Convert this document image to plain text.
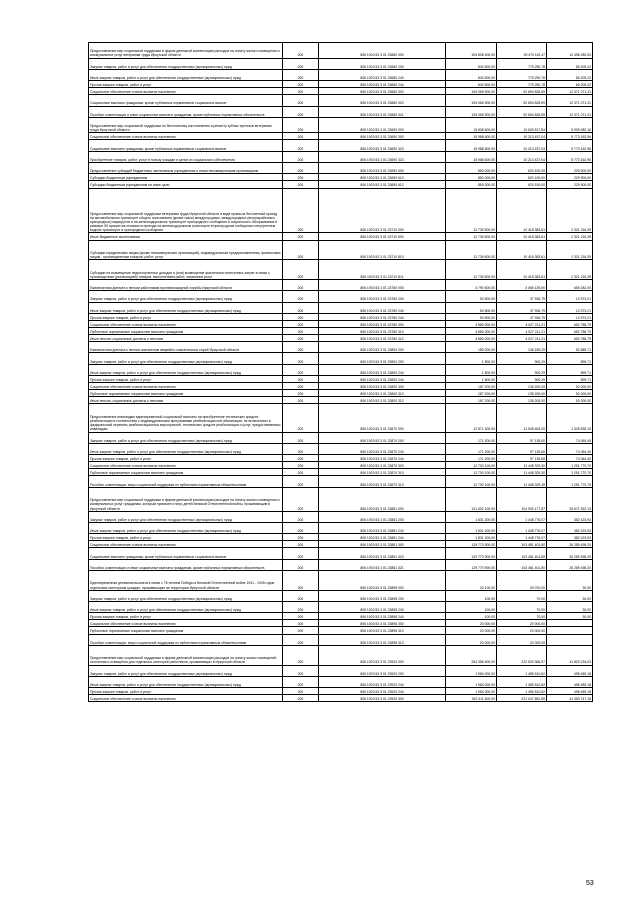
Предоставление мер социальной поддержки в форме денежной компенсации расходов на оплату жилого помещения и коммунальных услуг ветеранам труда Иркутской области	200	806 1003 53 3 01 23680 000	105 808 400,00	93 470 119,47	12 498 280,53
Закупка товаров, работ и услуг для обеспечения государственных (муниципальных) нужд	200	806 1003 53 3 01 23680 200	840 500,00	775 290,78	65 209,22
Иные закупки товаров, работ и услуг для обеспечения государственных (муниципальных) нужд	200	806 1003 53 3 01 23680 240	840 500,00	775 290,78	65 209,22
Прочая закупка товаров, работ и услуг	200	806 1003 53 3 01 23680 244	840 500,00	775 290,78	65 209,22
Социальное обеспечение и иные выплаты населению	200	806 1003 53 3 01 23680 300	105 065 900,00	92 694 828,69	12 371 071,31
Социальные выплаты гражданам, кроме публичных нормативных социальных выплат	200	806 1003 53 3 01 23680 320	105 065 900,00	92 694 828,69	12 371 071,31
Пособия, компенсации и иные социальные выплаты гражданам, кроме публичных нормативных обязательств	200	806 1003 53 3 01 23680 321	105 065 900,00	92 694 828,69	12 371 071,31
Предоставление мер социальной поддержки по бесплатному изготовлению и ремонту зубных протезов ветеранам труда Иркутской области	200	806 1003 53 3 01 23690 000	15 838 600,00	10 633 517,84	5 905 082,16
Социальное обеспечение и иные выплаты населению	200	806 1003 53 3 01 23690 300	15 988 600,00	10 213 437,04	5 773 162,96
Социальные выплаты гражданам, кроме публичных нормативных социальных выплат	200	806 1003 53 3 01 23690 320	15 988 600,00	10 213 437,04	5 773 162,96
Приобретение товаров, работ, услуг в пользу граждан в целях их социального обеспечения	200	806 1003 53 3 01 23690 323	15 988 600,00	10 213 437,04	5 773 162,96
Предоставление субсидий бюджетным, автономным учреждениям и иным некоммерческим организациям	200	806 1003 53 3 01 23690 600	850 000,00	620 100,00	229 900,00
Субсидии бюджетным учреждениям	200	806 1003 53 3 01 23690 610	850 000,00	620 100,00	229 900,00
Субсидии бюджетным учреждениям на иные цели	200	806 1003 53 3 01 23690 612	850 000,00	620 100,00	229 900,00
Предоставление мер социальной поддержки ветеранам труда Иркутской области в виде права на бесплатный проезд на автомобильном транспорте общего пользования (кроме такси) междугородных, междугородных (внутрирайонных, пригородных) маршрутов и на железнодорожном транспорте пригородного сообщения и социального обслуживания в размере 50 процентов стоимости проезда на железнодорожном транспорте в пригородном сообщении и внутреннем водном транспорте в пригородном сообщении	200	806 1003 53 3 01 23710 000	12 739 600,00	10 418 383,61	2 321 216,39
Иные бюджетные ассигнования	200	806 1003 53 3 01 23710 800	12 739 600,00	10 418 383,61	2 321 216,39
Субсидии юридическим лицам (кроме некоммерческих организаций), индивидуальным предпринимателям, физическим лицам - производителям товаров, работ, услуг	200	806 1003 53 3 01 23710 810	12 739 600,00	10 418 383,61	2 321 216,39
Субсидии на возмещение недополученных доходов и (или) возмещение фактически понесенных затрат в связи с производством (реализацией) товаров, выполнением работ, оказанием услуг	200	806 1003 53 3 01 23710 811	12 739 600,00	10 418 383,61	2 321 216,39
Ежемесячная доплата к пенсии работникам противопожарной службы Иркутской области	200	806 1003 53 3 01 23780 000	4 790 500,00	4 065 139,60	665 282,00
Закупка товаров, работ и услуг для обеспечения государственных (муниципальных) нужд	200	806 1003 53 3 01 23780 200	50 500,00	37 926,79	12 573,21
Иные закупки товаров, работ и услуг для обеспечения государственных (муниципальных) нужд	200	806 1003 53 3 01 23780 240	50 500,00	37 926,79	12 573,21
Прочая закупка товаров, работ и услуг	200	806 1003 53 3 01 23780 244	50 500,00	37 926,79	12 573,21
Социальное обеспечение и иные выплаты населению	200	806 1003 53 3 01 23780 300	4 880 000,00	4 027 211,21	652 788,79
Публичные нормативные социальные выплаты гражданам	200	806 1003 53 3 01 23780 310	4 880 000,00	4 027 211,21	652 788,79
Иные пенсии, социальные доплаты к пенсиям	200	806 1003 53 3 01 23780 312	4 880 000,00	4 027 211,21	652 788,79
Ежемесячная доплата к пенсии спасателям аварийно-спасательных служб Иркутской области	200	806 1003 53 3 01 23800 000	189 000,00	136 189,29	52 889,71
Закупка товаров, работ и услуг для обеспечения государственных (муниципальных) нужд	200	806 1003 53 3 01 23800 200	1 800,00	900,29	899,71
Иные закупки товаров, работ и услуг для обеспечения государственных (муниципальных) нужд	200	806 1003 53 3 01 23800 240	1 800,00	900,29	899,71
Прочая закупка товаров, работ и услуг	200	806 1003 53 3 01 23800 244	1 800,00	900,29	899,71
Социальное обеспечение и иные выплаты населению	200	806 1003 53 3 01 23800 300	187 200,00	135 200,00	52 000,00
Публичные нормативные социальные выплаты гражданам	200	806 1003 53 3 01 23800 310	187 200,00	135 200,00	52 000,00
Иные пенсии, социальные доплаты к пенсиям	200	806 1003 53 3 01 23800 312	187 200,00	135 200,00	52 000,00
Предоставление инвалидам единовременной социальной выплаты на приобретение технических средств реабилитации в соответствии с индивидуальными программами реабилитации или абилитации, не включенных в федеральный перечень реабилитационных мероприятий, технических средств реабилитации и услуг, предоставляемых инвалидам	200	806 1003 53 3 01 23870 000	12 871 300,00	11 545 464,00	1 325 835,10
Закупка товаров, работ и услуг для обеспечения государственных (муниципальных) нужд	200	806 1003 53 3 01 23870 200	171 200,00	97 135,60	74 064,40
Иные закупки товаров, работ и услуг для обеспечения государственных (муниципальных) нужд	200	806 1003 53 3 01 23870 240	171 200,00	97 135,60	74 064,40
Прочая закупка товаров, работ и услуг	200	806 1003 53 3 01 23870 244	171 200,00	97 135,60	74 064,40
Социальное обеспечение и иные выплаты населению	200	806 1003 53 3 01 23870 300	12 700 100,00	11 448 329,30	1 251 770,70
Публичные нормативные социальные выплаты гражданам	200	806 1003 53 3 01 23870 310	12 700 100,00	11 448 329,30	1 251 770,70
Пособия, компенсации, меры социальной поддержки по публичным нормативным обязательствам	200	806 1003 53 3 01 23870 313	12 700 100,00	11 448 329,30	1 251 770,70
Предоставление мер социальной поддержки в форме денежной компенсации расходов на оплату жилого помещения и коммунальных услуг гражданам, которым присвоен статус детей Великой Отечественной войны, проживающим в Иркутской области	200	806 1003 53 3 01 23881 000	131 602 100,00	104 930 177,87	26 671 922,13
Закупка товаров, работ и услуг для обеспечения государственных (муниципальных) нужд	200	806 1003 53 3 01 23881 200	1 831 200,00	1 448 776,07	382 423,93
Иные закупки товаров, работ и услуг для обеспечения государственных (муниципальных) нужд	200	806 1003 53 3 01 23881 240	1 831 200,00	1 448 776,07	382 423,93
Прочая закупка товаров, работ и услуг	200	806 1003 53 3 01 23881 244	1 831 200,00	1 448 776,07	382 423,93
Социальное обеспечение и иные выплаты населению	200	806 1003 53 3 01 23881 300	129 770 900,00	103 481 401,80	26 289 498,20
Социальные выплаты гражданам, кроме публичных нормативных социальных выплат	200	806 1003 53 3 01 23881 320	129 770 900,00	103 481 401,80	26 289 498,20
Пособия, компенсации и иные социальные выплаты гражданам, кроме публичных нормативных обязательств	200	806 1003 53 3 01 23881 321	129 770 900,00	103 481 401,80	26 289 498,20
Единовременная денежная выплата в связи с 75-летием Победы в Великой Отечественной войне 1941 - 1945 годов отдельным категориям граждан, проживающим на территории Иркутской области	200	806 1003 53 3 01 23898 000	20 100,00	20 070,00	30,00
Закупка товаров, работ и услуг для обеспечения государственных (муниципальных) нужд	200	806 1003 53 3 01 23898 200	100,00	70,00	30,00
Иные закупки товаров, работ и услуг для обеспечения государственных (муниципальных) нужд	200	806 1003 53 3 01 23898 240	100,00	70,00	30,00
Прочая закупка товаров, работ и услуг	200	806 1003 53 3 01 23898 244	100,00	70,00	30,00
Социальное обеспечение и иные выплаты населению	200	806 1003 53 3 01 23898 300	20 000,00	20 000,00	
Публичные нормативные социальные выплаты гражданам	200	806 1003 53 3 01 23898 310	20 000,00	20 000,00	
Пособия, компенсации, меры социальной поддержки по публичным нормативным обязательствам	200	806 1003 53 3 01 23898 313	20 000,00	20 000,00	
Предоставление мер социальной поддержки в форме денежной компенсации расходов на оплату жилых помещений, отопления и освещения для отдельных категорий работников, проживающих в Иркутской области	200	806 1003 53 3 01 23920 000	264 356 600,00	222 533 365,97	41 823 234,03
Закупка товаров, работ и услуг для обеспечения государственных (муниципальных) нужд	200	806 1003 53 3 01 23920 200	1 984 000,00	1 485 510,82	498 489,18
Иные закупки товаров, работ и услуг для обеспечения государственных (муниципальных) нужд	200	806 1003 53 3 01 23920 240	1 984 000,00	1 485 510,82	498 489,18
Прочая закупка товаров, работ и услуг	200	806 1003 53 3 01 23920 244	1 984 000,00	1 485 510,82	498 489,18
Социальное обеспечение и иные выплаты населению	200	806 1003 53 3 01 23920 300	262 411 600,00	221 047 852,85	41 363 747,15
53
